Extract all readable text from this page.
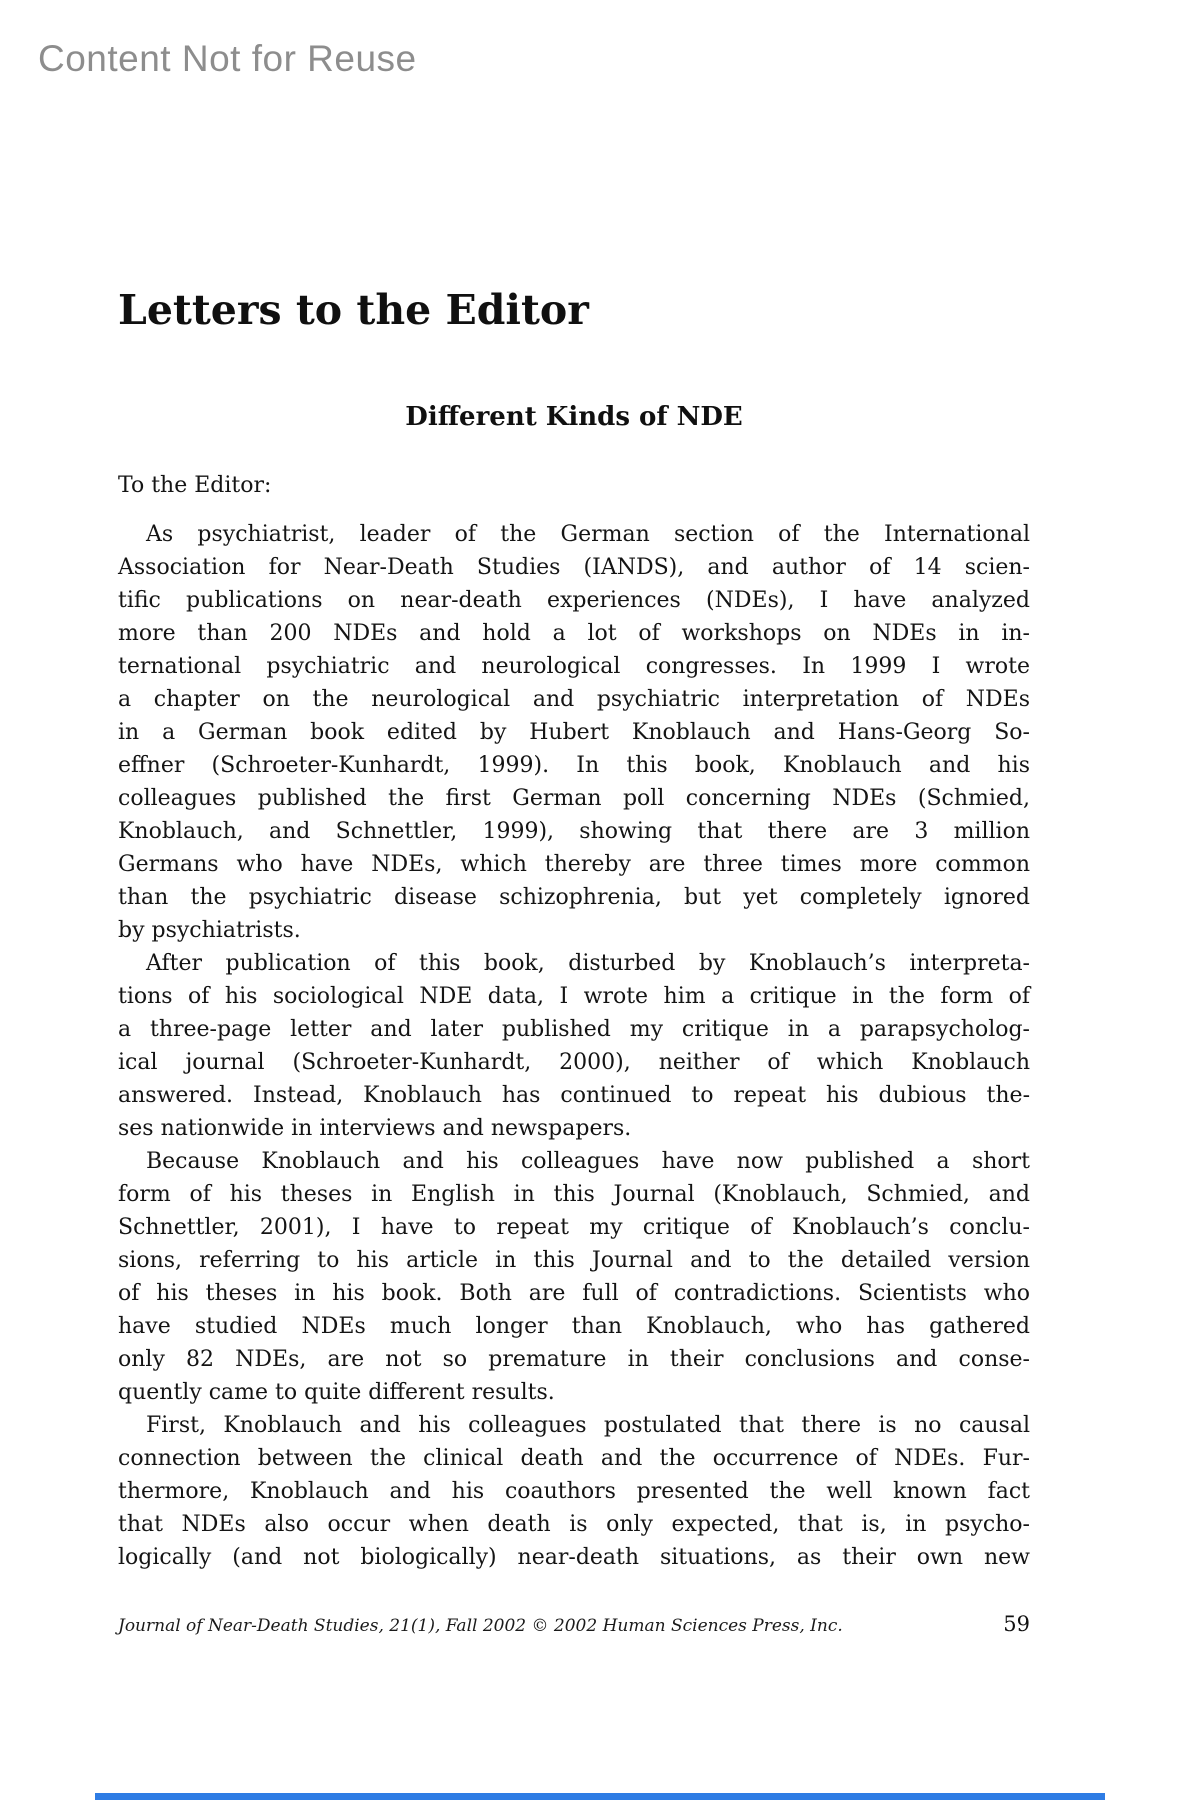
Content Not for Reuse
Letters to the Editor
Different Kinds of NDE
To the Editor:
As psychiatrist, leader of the German section of the International
Association for Near-Death Studies (IANDS), and author of 14 scien-
tific publications on near-death experiences (NDEs), I have analyzed
more than 200 NDEs and hold a lot of workshops on NDEs in in-
ternational psychiatric and neurological congresses. In 1999 I wrote
a chapter on the neurological and psychiatric interpretation of NDEs
in a German book edited by Hubert Knoblauch and Hans-Georg So-
effner (Schroeter-Kunhardt, 1999). In this book, Knoblauch and his
colleagues published the first German poll concerning NDEs (Schmied,
Knoblauch, and Schnettler, 1999), showing that there are 3 million
Germans who have NDEs, which thereby are three times more common
than the psychiatric disease schizophrenia, but yet completely ignored
by psychiatrists.
After publication of this book, disturbed by Knoblauch’s interpreta-
tions of his sociological NDE data, I wrote him a critique in the form of
a three-page letter and later published my critique in a parapsycholog-
ical journal (Schroeter-Kunhardt, 2000), neither of which Knoblauch
answered. Instead, Knoblauch has continued to repeat his dubious the-
ses nationwide in interviews and newspapers.
Because Knoblauch and his colleagues have now published a short
form of his theses in English in this Journal (Knoblauch, Schmied, and
Schnettler, 2001), I have to repeat my critique of Knoblauch’s conclu-
sions, referring to his article in this Journal and to the detailed version
of his theses in his book. Both are full of contradictions. Scientists who
have studied NDEs much longer than Knoblauch, who has gathered
only 82 NDEs, are not so premature in their conclusions and conse-
quently came to quite different results.
First, Knoblauch and his colleagues postulated that there is no causal
connection between the clinical death and the occurrence of NDEs. Fur-
thermore, Knoblauch and his coauthors presented the well known fact
that NDEs also occur when death is only expected, that is, in psycho-
logically (and not biologically) near-death situations, as their own new
Journal of Near-Death Studies, 21(1), Fall 2002 © 2002 Human Sciences Press, Inc.	59
